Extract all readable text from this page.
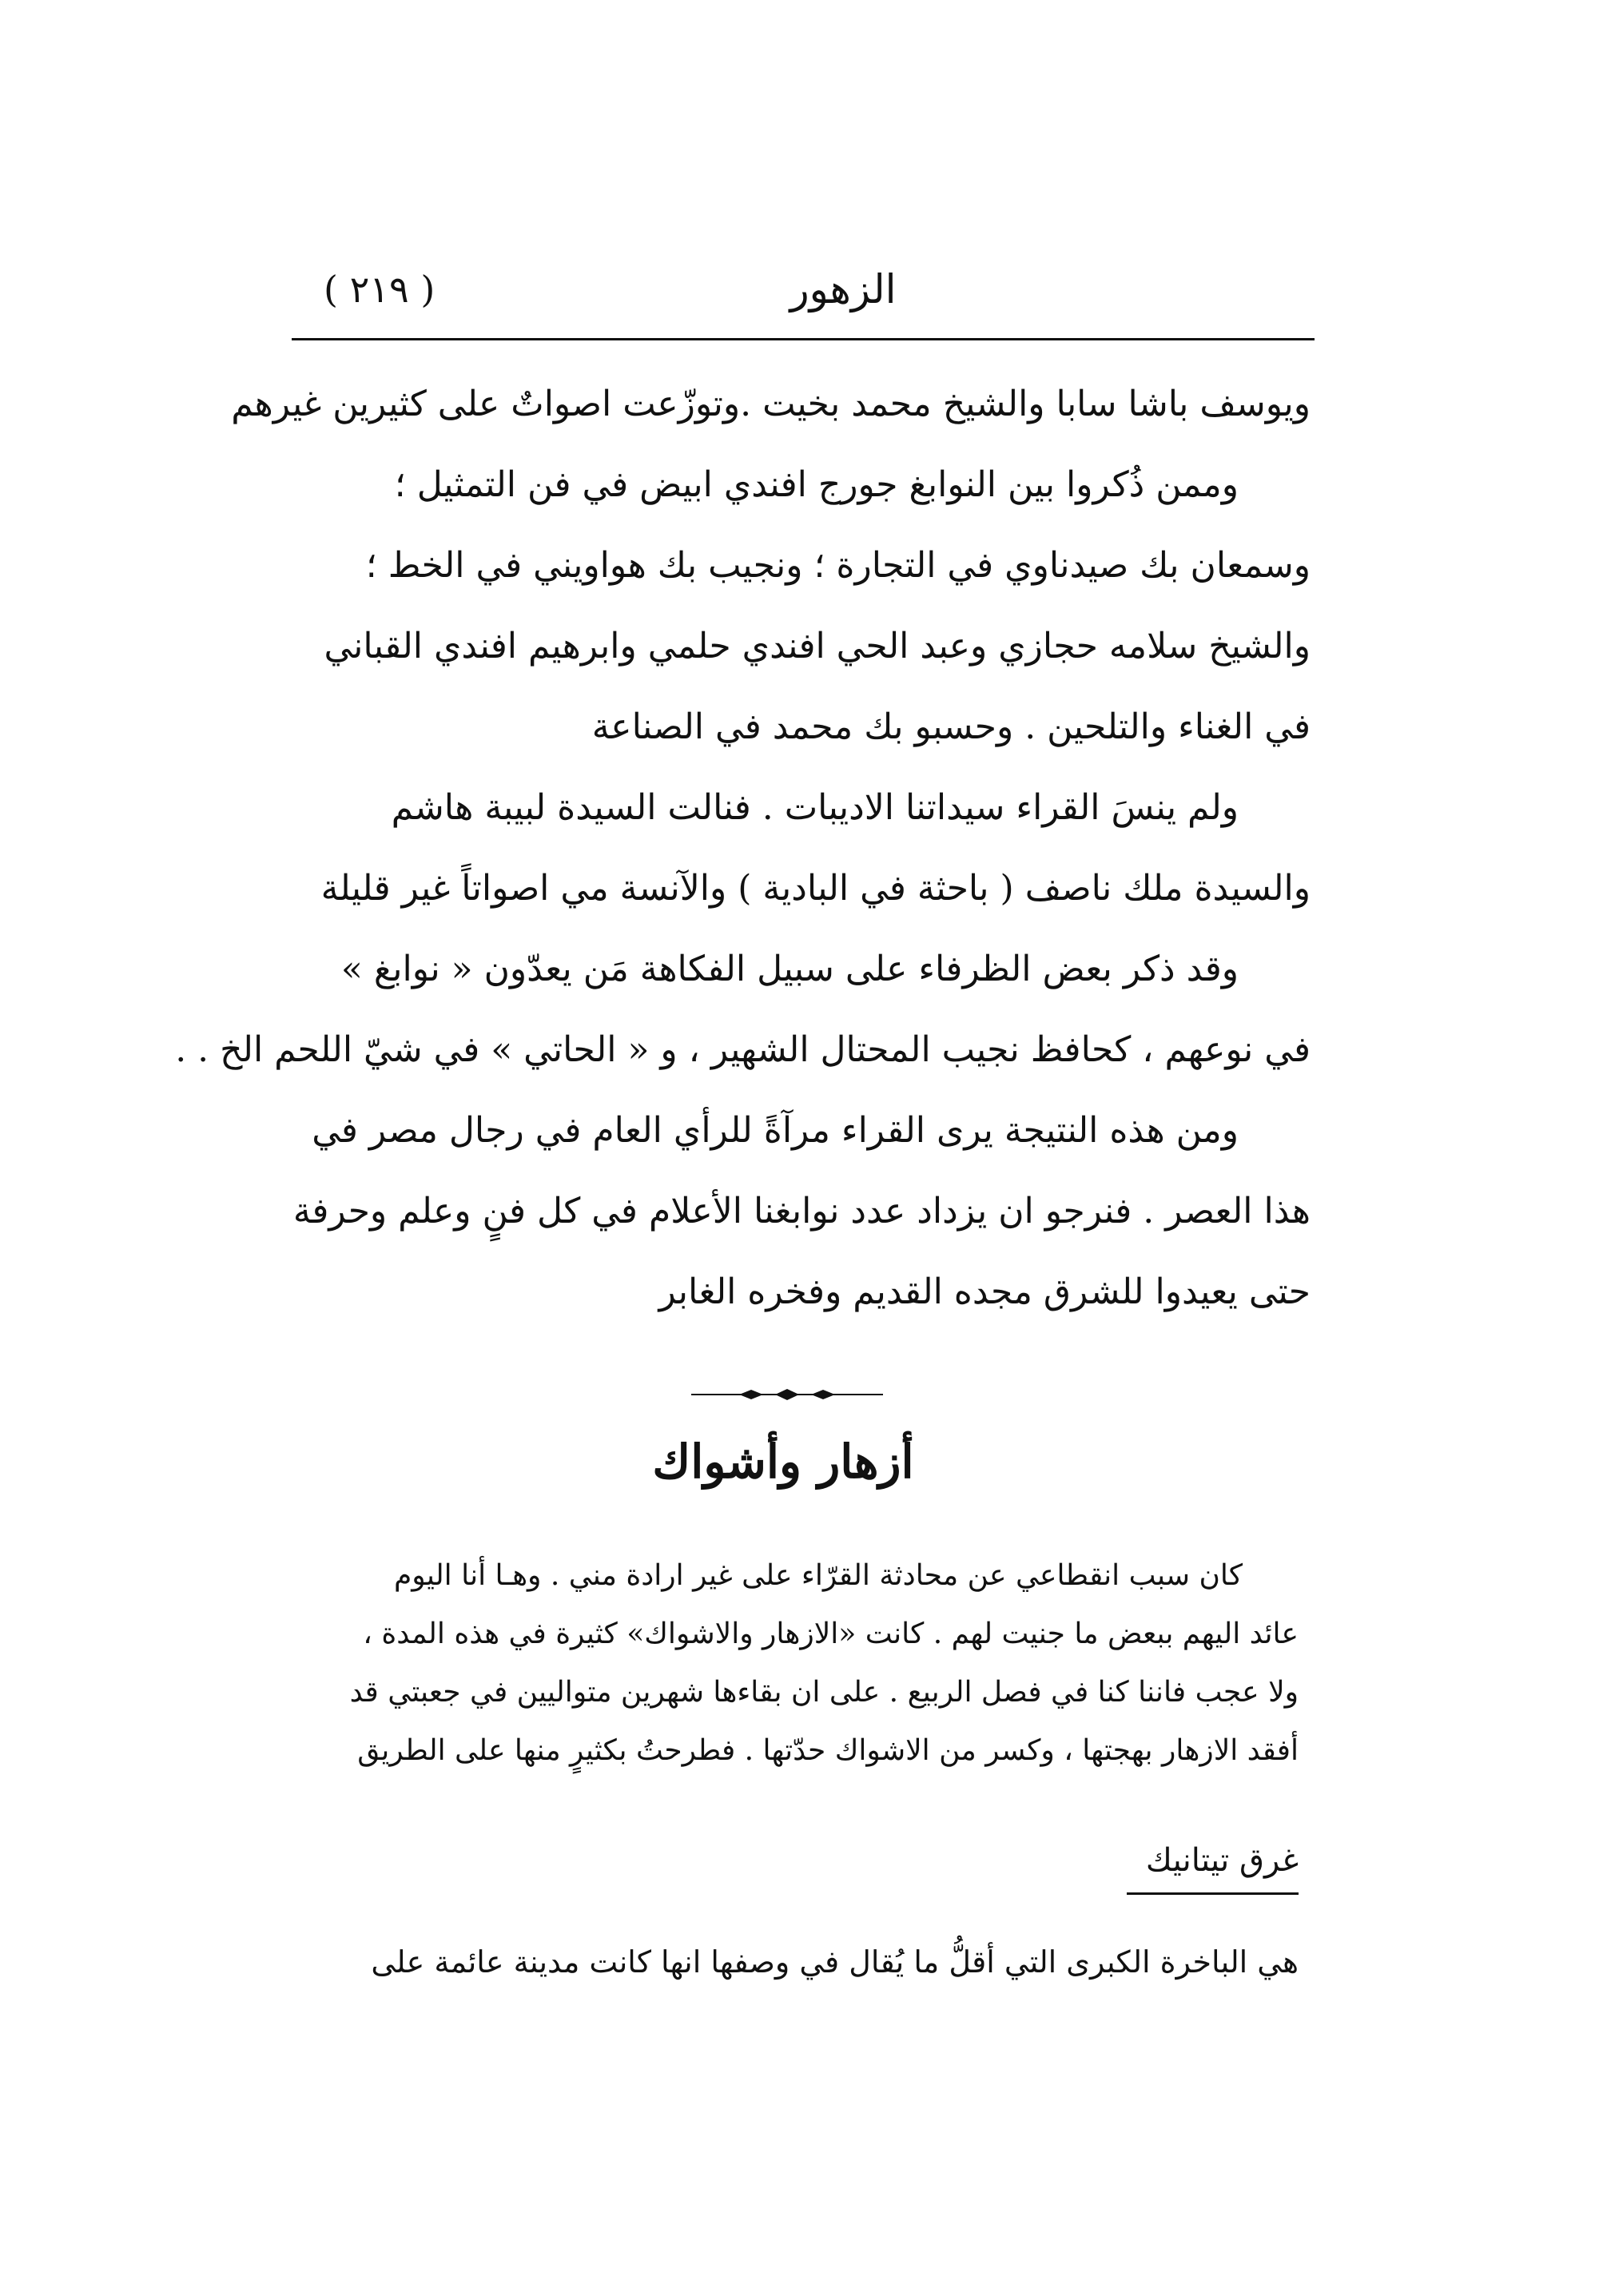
( ٢١٩ )	الزهور
ويوسف باشا سابا والشيخ محمد بخيت .وتوزّعت اصواتٌ على كثيرين غيرهم
وممن ذُكروا بين النوابغ جورج افندي ابيض في فن التمثيل ؛
وسمعان بك صيدناوي في التجارة ؛ ونجيب بك هواويني في الخط ؛
والشيخ سلامه حجازي وعبد الحي افندي حلمي وابرهيم افندي القباني
في الغناء والتلحين . وحسبو بك محمد في الصناعة
ولم ينسَ القراء سيداتنا الاديبات . فنالت السيدة لبيبة هاشم
والسيدة ملك ناصف ( باحثة في البادية ) والآنسة مي اصواتاً غير قليلة
وقد ذكر بعض الظرفاء على سبيل الفكاهة مَن يعدّون « نوابغ »
في نوعهم ، كحافظ نجيب المحتال الشهير ، و « الحاتي » في شيّ اللحم الخ . .
ومن هذه النتيجة يرى القراء مرآةً للرأي العام في رجال مصر في
هذا العصر . فنرجو ان يزداد عدد نوابغنا الأعلام في كل فنٍ وعلم وحرفة
حتى يعيدوا للشرق مجده القديم وفخره الغابر
أزهار وأشواك
كان سبب انقطاعي عن محادثة القرّاء على غير ارادة مني . وهـا أنا اليوم
عائد اليهم ببعض ما جنيت لهم . كانت «الازهار والاشواك» كثيرة في هذه المدة ،
ولا عجب فاننا كنا في فصل الربيع . على ان بقاءها شهرين متواليين في جعبتي قد
أفقد الازهار بهجتها ، وكسر من الاشواك حدّتها . فطرحتُ بكثيرٍ منها على الطريق
غرق تيتانيك
هي الباخرة الكبرى التي أقلُّ ما يُقال في وصفها انها كانت مدينة عائمة على
